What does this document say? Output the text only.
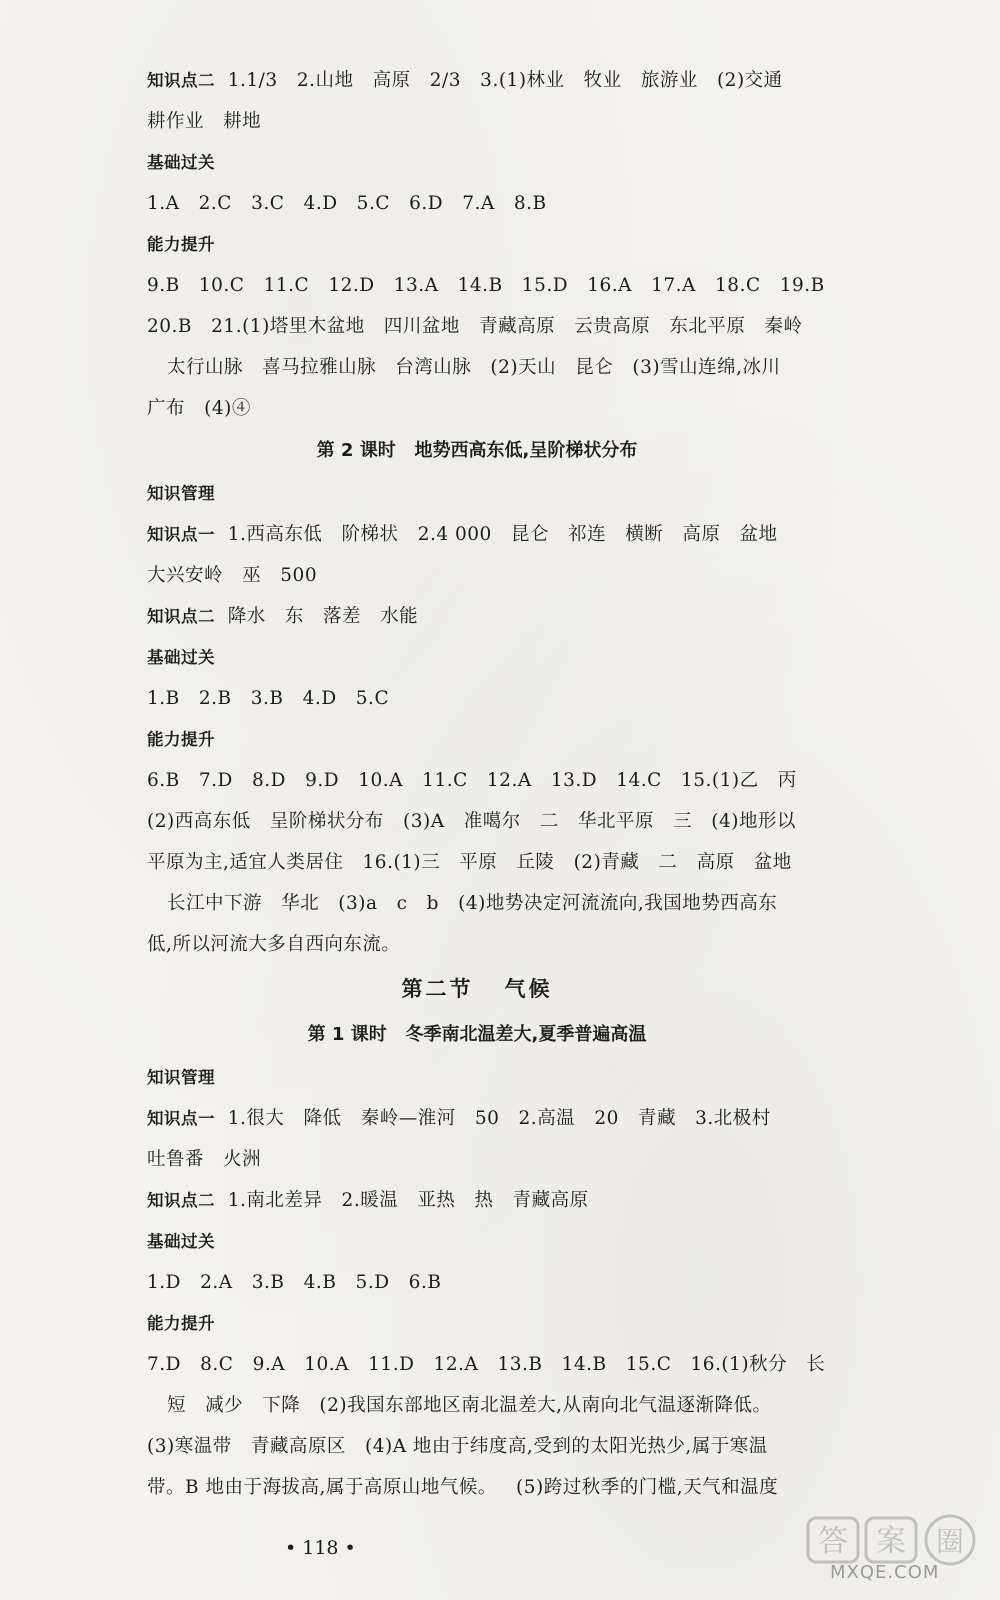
知识点二  1.1/3   2.山地   高原   2/3   3.(1)林业   牧业   旅游业   (2)交通
耕作业   耕地
基础过关
1.A   2.C   3.C   4.D   5.C   6.D   7.A   8.B
能力提升
9.B   10.C   11.C   12.D   13.A   14.B   15.D   16.A   17.A   18.C   19.B
20.B   21.(1)塔里木盆地   四川盆地   青藏高原   云贵高原   东北平原   秦岭
太行山脉   喜马拉雅山脉   台湾山脉   (2)天山   昆仑   (3)雪山连绵,冰川
广布   (4)④
第 2 课时   地势西高东低,呈阶梯状分布
知识管理
知识点一  1.西高东低   阶梯状   2.4 000   昆仑   祁连   横断   高原   盆地
大兴安岭   巫   500
知识点二  降水   东   落差   水能
基础过关
1.B   2.B   3.B   4.D   5.C
能力提升
6.B   7.D   8.D   9.D   10.A   11.C   12.A   13.D   14.C   15.(1)乙   丙
(2)西高东低   呈阶梯状分布   (3)A   准噶尔   二   华北平原   三   (4)地形以
平原为主,适宜人类居住   16.(1)三   平原   丘陵   (2)青藏   二   高原   盆地
长江中下游   华北   (3)a   c   b   (4)地势决定河流流向,我国地势西高东
低,所以河流大多自西向东流。
第二节   气候
第 1 课时   冬季南北温差大,夏季普遍高温
知识管理
知识点一  1.很大   降低   秦岭—淮河   50   2.高温   20   青藏   3.北极村
吐鲁番   火洲
知识点二  1.南北差异   2.暖温   亚热   热   青藏高原
基础过关
1.D   2.A   3.B   4.B   5.D   6.B
能力提升
7.D   8.C   9.A   10.A   11.D   12.A   13.B   14.B   15.C   16.(1)秋分   长
短   减少   下降   (2)我国东部地区南北温差大,从南向北气温逐渐降低。
(3)寒温带   青藏高原区   (4)A 地由于纬度高,受到的太阳光热少,属于寒温
带。B 地由于海拔高,属于高原山地气候。   (5)跨过秋季的门槛,天气和温度
• 118 •	答 案 圈
MXQE.COM
